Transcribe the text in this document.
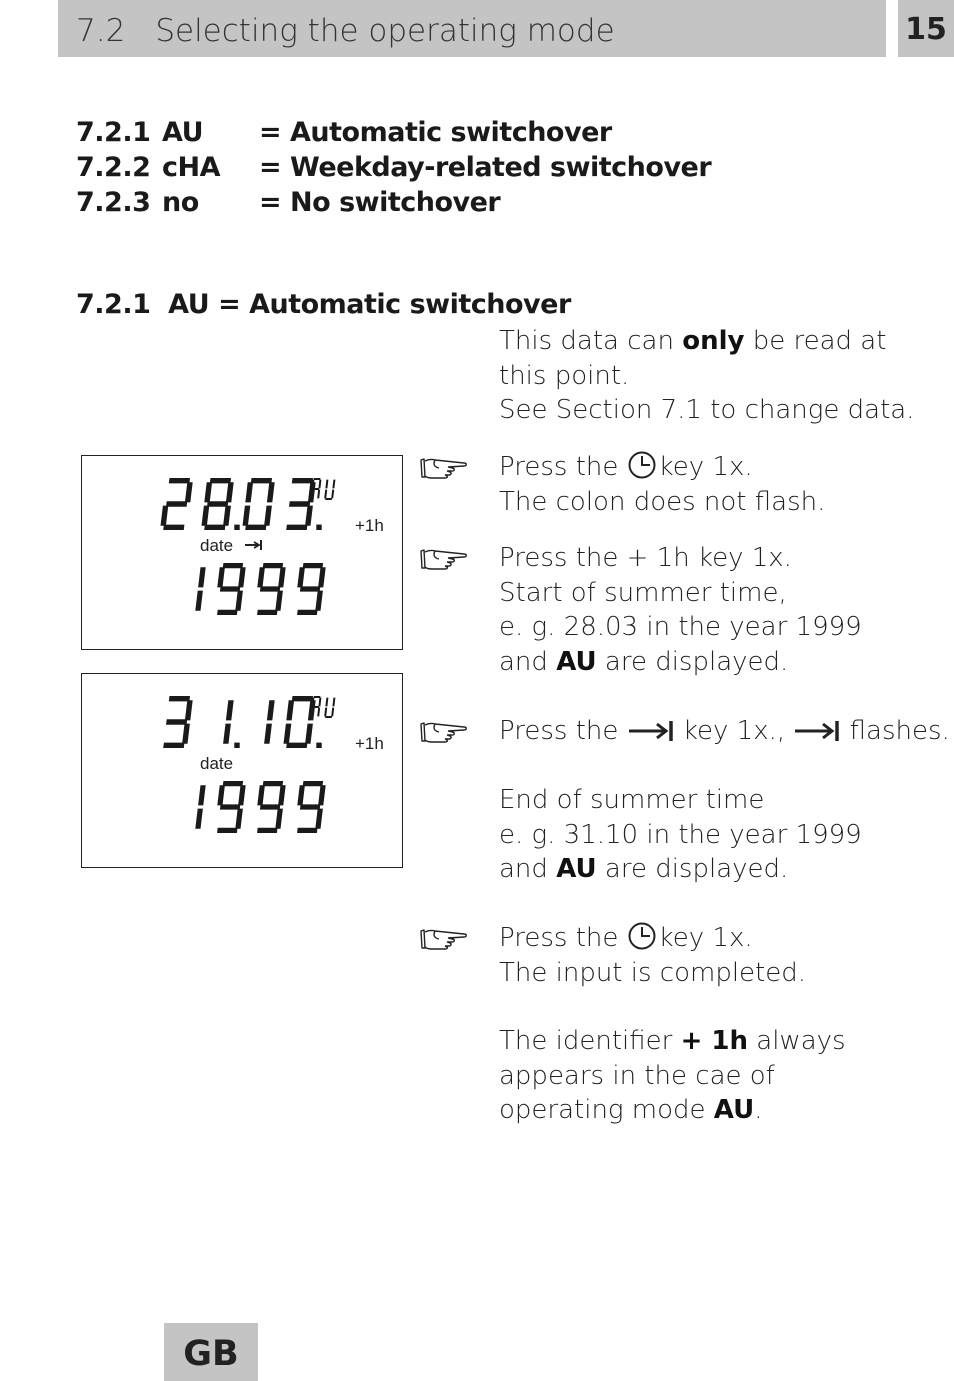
7.2 Selecting the operating mode	15
7.2.1 AU = Automatic switchover
7.2.2 cHA = Weekday-related switchover
7.2.3 no = No switchover
7.2.1  AU = Automatic switchover
This data can only be read at
this point.
See Section 7.1 to change data.
Press the key 1x.
The colon does not flash.
Press the + 1h key 1x.
Start of summer time,
e. g. 28.03 in the year 1999
and AU are displayed.
Press the  key 1x.,  flashes.
End of summer time
e. g. 31.10 in the year 1999
and AU are displayed.
Press the key 1x.
The input is completed.
The identifier + 1h always
appears in the cae of
operating mode AU.
+1h
date
+1h
date
GB
